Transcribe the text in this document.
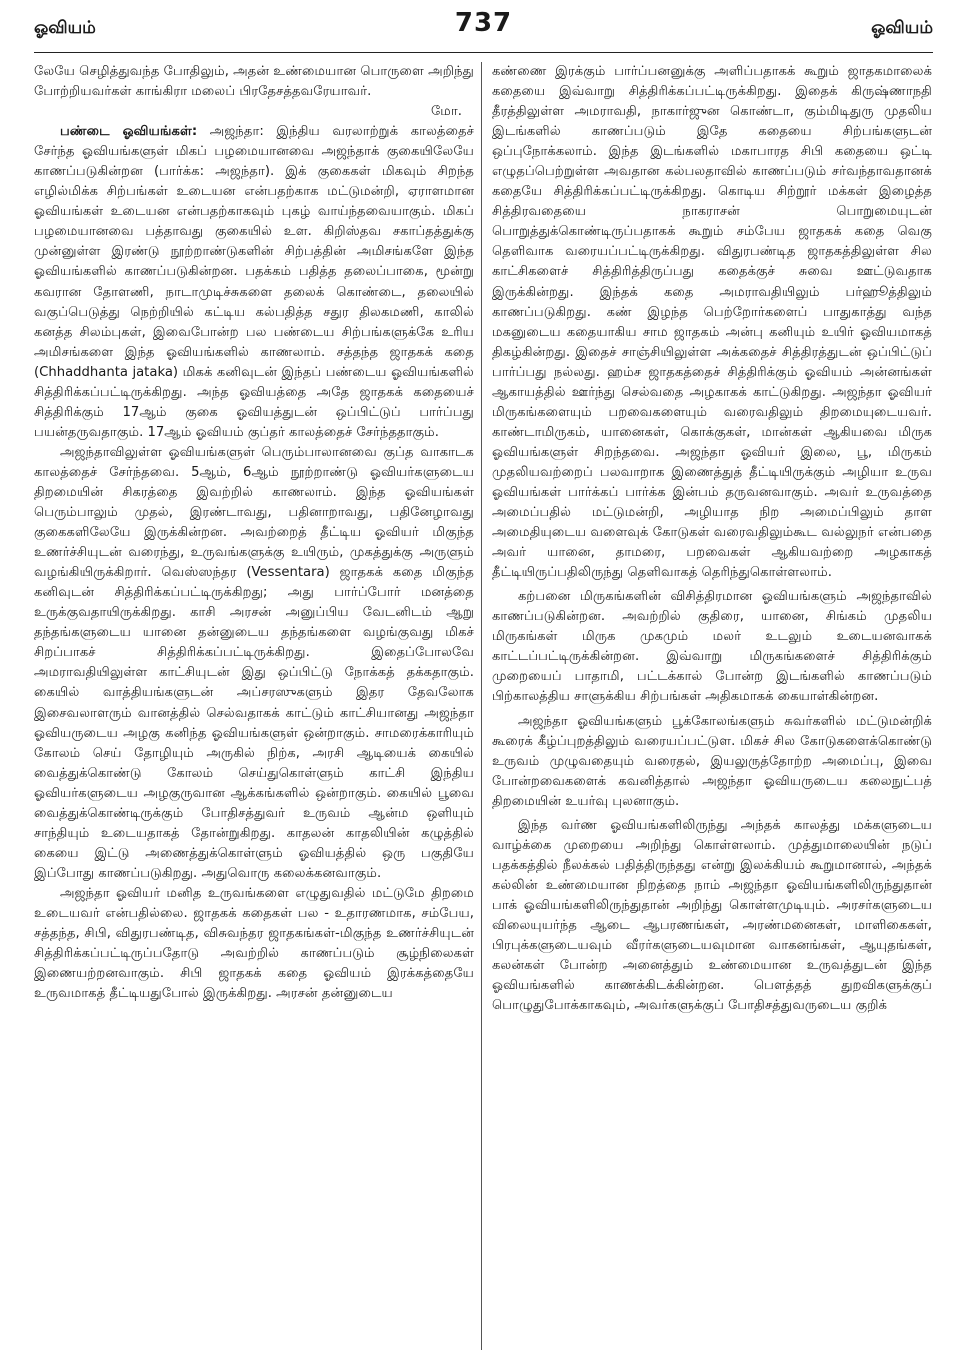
ஓவியம்	737	ஓவியம்

லேயே செழித்துவந்த போதிலும், அதன் உண்மையான பொருளை அறிந்து போற்றியவர்கள் காங்கிரா மலைப் பிரதேசத்தவரேயாவர்.

மோ.

பண்டை ஓவியங்கள்: அஜந்தா: இந்திய வரலாற்றுக் காலத்தைச் சேர்ந்த ஓவியங்களுள் மிகப் பழமையானவை அஜந்தாக் குகையிலேயே காணப்படுகின்றன (பார்க்க: அஜந்தா). இக் குகைகள் மிகவும் சிறந்த எழில்மிக்க சிற்பங்கள் உடையன என்பதற்காக மட்டுமன்றி, ஏராளமான ஓவியங்கள் உடையன என்பதற்காகவும் புகழ் வாய்ந்தவையாகும். மிகப் பழமையானவை பத்தாவது குகையில் உள. கிறிஸ்தவ சகாப்தத்துக்கு முன்னுள்ள இரண்டு நூற்றாண்டுகளின் சிற்பத்தின் அமிசங்களே இந்த ஓவியங்களில் காணப்படுகின்றன. பதக்கம் பதித்த தலைப்பாகை, மூன்று கவரான தோளணி, நாடாமுடிச்சுகளை தலைக் கொண்டை, தலையில் வகுப்பெடுத்து நெற்றியில் கட்டிய கல்பதித்த சதுர திலகமணி, காலில் கனத்த சிலம்புகள், இவைபோன்ற பல பண்டைய சிற்பங்களுக்கே உரிய அமிசங்களை இந்த ஓவியங்களில் காணலாம். சத்தந்த ஜாதகக் கதை (Chhaddhanta jataka) மிகக் கனிவுடன் இந்தப் பண்டைய ஓவியங்களில் சித்திரிக்கப்பட்டிருக்கிறது. அந்த ஓவியத்தை அதே ஜாதகக் கதையைச் சித்திரிக்கும் 17ஆம் குகை ஓவியத்துடன் ஒப்பிட்டுப் பார்ப்பது பயன்தருவதாகும். 17ஆம் ஓவியம் குப்தர் காலத்தைச் சேர்ந்ததாகும்.

அஜந்தாவிலுள்ள ஓவியங்களுள் பெரும்பாலானவை குப்த வாகாடக காலத்தைச் சேர்ந்தவை. 5ஆம், 6ஆம் நூற்றாண்டு ஓவியர்களுடைய திறமையின் சிகரத்தை இவற்றில் காணலாம். இந்த ஓவியங்கள் பெரும்பாலும் முதல், இரண்டாவது, பதினாறாவது, பதினேழாவது குகைகளிலேயே இருக்கின்றன. அவற்றைத் தீட்டிய ஓவியர் மிகுந்த உணர்ச்சியுடன் வரைந்து, உருவங்களுக்கு உயிரும், முகத்துக்கு அருளும் வழங்கியிருக்கிறார். வெஸ்ஸந்தர (Vessentara) ஜாதகக் கதை மிகுந்த கனிவுடன் சித்திரிக்கப்பட்டிருக்கிறது; அது பார்ப்போர் மனத்தை உருக்குவதாயிருக்கிறது. காசி அரசன் அனுப்பிய வேடனிடம் ஆறு தந்தங்களுடைய யானை தன்னுடைய தந்தங்களை வழங்குவது மிகச் சிறப்பாகச் சித்திரிக்கப்பட்டிருக்கிறது. இதைப்போலவே அமராவதியிலுள்ள காட்சியுடன் இது ஒப்பிட்டு நோக்கத் தக்கதாகும். கையில் வாத்தியங்களுடன் அப்சரஸுகளும் இதர தேவலோக இசைவலாளரும் வானத்தில் செல்வதாகக் காட்டும் காட்சியானது அஜந்தா ஓவியருடைய அழகு கனிந்த ஓவியங்களுள் ஒன்றாகும். சாமரைக்காரியும் கோலம் செய் தோழியும் அருகில் நிற்க, அரசி ஆடியைக் கையில் வைத்துக்கொண்டு கோலம் செய்துகொள்ளும் காட்சி இந்திய ஓவியர்களுடைய அழகுருவான ஆக்கங்களில் ஒன்றாகும். கையில் பூவை வைத்துக்கொண்டிருக்கும் போதிசத்துவர் உருவம் ஆன்ம ஒளியும் சாந்தியும் உடையதாகத் தோன்றுகிறது. காதலன் காதலியின் கழுத்தில் கையை இட்டு அணைத்துக்கொள்ளும் ஓவியத்தில் ஒரு பகுதியே இப்போது காணப்படுகிறது. அதுவொரு கலைக்கனவாகும்.

அஜந்தா ஓவியர் மனித உருவங்களை எழுதுவதில் மட்டுமே திறமை உடையவர் என்பதில்லை. ஜாதகக் கதைகள் பல - உதாரணமாக, சம்பேய, சத்தந்த, சிபி, விதுரபண்டித, விசுவந்தர ஜாதகங்கள்-மிகுந்த உணர்ச்சியுடன் சித்திரிக்கப்பட்டிருப்பதோடு அவற்றில் காணப்படும் சூழ்நிலைகள் இணையற்றனவாகும். சிபி ஜாதகக் கதை ஓவியம் இரக்கத்தையே உருவமாகத் தீட்டியதுபோல் இருக்கிறது. அரசன் தன்னுடைய

கண்ணை இரக்கும் பார்ப்பனனுக்கு அளிப்பதாகக் கூறும் ஜாதகமாலைக் கதையை இவ்வாறு சித்திரிக்கப்பட்டிருக்கிறது. இதைக் கிருஷ்ணாநதி தீரத்திலுள்ள அமராவதி, நாகார்ஜுன கொண்டா, கும்மிடிதுரு முதலிய இடங்களில் காணப்படும் இதே கதையை சிற்பங்களுடன் ஒப்புநோக்கலாம். இந்த இடங்களில் மகாபாரத சிபி கதையை ஒட்டி எழுதப்பெற்றுள்ள அவதான கல்பலதாவில் காணப்படும் சர்வந்தாவதானக் கதையே சித்திரிக்கப்பட்டிருக்கிறது. கொடிய சிற்றூர் மக்கள் இழைத்த சித்திரவதையை நாகராசன் பொறுமையுடன் பொறுத்துக்கொண்டிருப்பதாகக் கூறும் சம்பேய ஜாதகக் கதை வெகு தெளிவாக வரையப்பட்டிருக்கிறது. விதுரபண்டித ஜாதகத்திலுள்ள சில காட்சிகளைச் சித்திரித்திருப்பது கதைக்குச் சுவை ஊட்டுவதாக இருக்கின்றது. இந்தக் கதை அமராவதியிலும் பர்ஹூத்திலும் காணப்படுகிறது. கண் இழந்த பெற்றோர்களைப் பாதுகாத்து வந்த மகனுடைய கதையாகிய சாம ஜாதகம் அன்பு கனியும் உயிர் ஓவியமாகத் திகழ்கின்றது. இதைச் சாஞ்சியிலுள்ள அக்கதைச் சித்திரத்துடன் ஒப்பிட்டுப் பார்ப்பது நல்லது. ஹம்ச ஜாதகத்தைச் சித்திரிக்கும் ஓவியம் அன்னங்கள் ஆகாயத்தில் ஊர்ந்து செல்வதை அழகாகக் காட்டுகிறது. அஜந்தா ஓவியர் மிருகங்களையும் பறவைகளையும் வரைவதிலும் திறமையுடையவர். காண்டாமிருகம், யானைகள், கொக்குகள், மான்கள் ஆகியவை மிருக ஓவியங்களுள் சிறந்தவை. அஜந்தா ஓவியர் இலை, பூ, மிருகம் முதலியவற்றைப் பலவாறாக இணைத்துத் தீட்டியிருக்கும் அழியா உருவ ஓவியங்கள் பார்க்கப் பார்க்க இன்பம் தருவனவாகும். அவர் உருவத்தை அமைப்பதில் மட்டுமன்றி, அழியாத நிற அமைப்பிலும் தாள அமைதியுடைய வளைவுக் கோடுகள் வரைவதிலும்கூட வல்லுநர் என்பதை அவர் யானை, தாமரை, பறவைகள் ஆகியவற்றை அழகாகத் தீட்டியிருப்பதிலிருந்து தெளிவாகத் தெரிந்துகொள்ளலாம்.

கற்பனை மிருகங்களின் விசித்திரமான ஓவியங்களும் அஜந்தாவில் காணப்படுகின்றன. அவற்றில் குதிரை, யானை, சிங்கம் முதலிய மிருகங்கள் மிருக முகமும் மலர் உடலும் உடையனவாகக் காட்டப்பட்டிருக்கின்றன. இவ்வாறு மிருகங்களைச் சித்திரிக்கும் முறையைப் பாதாமி, பட்டக்கால் போன்ற இடங்களில் காணப்படும் பிற்காலத்திய சாளுக்கிய சிற்பங்கள் அதிகமாகக் கையாள்கின்றன.

அஜந்தா ஓவியங்களும் பூக்கோலங்களும் சுவர்களில் மட்டுமன்றிக் கூரைக் கீழ்ப்புறத்திலும் வரையப்பட்டுள. மிகச் சில கோடுகளைக்கொண்டு உருவம் முழுவதையும் வரைதல், இயலுருத்தோற்ற அமைப்பு, இவை போன்றவைகளைக் கவனித்தால் அஜந்தா ஓவியருடைய கலைநுட்பத் திறமையின் உயர்வு புலனாகும்.

இந்த வர்ண ஓவியங்களிலிருந்து அந்தக் காலத்து மக்களுடைய வாழ்க்கை முறையை அறிந்து கொள்ளலாம். முத்துமாலையின் நடுப் பதக்கத்தில் நீலக்கல் பதித்திருந்தது என்று இலக்கியம் கூறுமானால், அந்தக் கல்லின் உண்மையான நிறத்தை நாம் அஜந்தா ஓவியங்களிலிருந்துதான் பாக் ஓவியங்களிலிருந்துதான் அறிந்து கொள்ளமுடியும். அரசர்களுடைய விலையுயர்ந்த ஆடை ஆபரணங்கள், அரண்மனைகள், மாளிகைகள், பிரபுக்களுடையவும் வீரர்களுடையவுமான வாகனங்கள், ஆயுதங்கள், கலன்கள் போன்ற அனைத்தும் உண்மையான உருவத்துடன் இந்த ஓவியங்களில் காணக்கிடக்கின்றன. பௌத்தத் துறவிகளுக்குப் பொழுதுபோக்காகவும், அவர்களுக்குப் போதிசத்துவருடைய குறிக்
